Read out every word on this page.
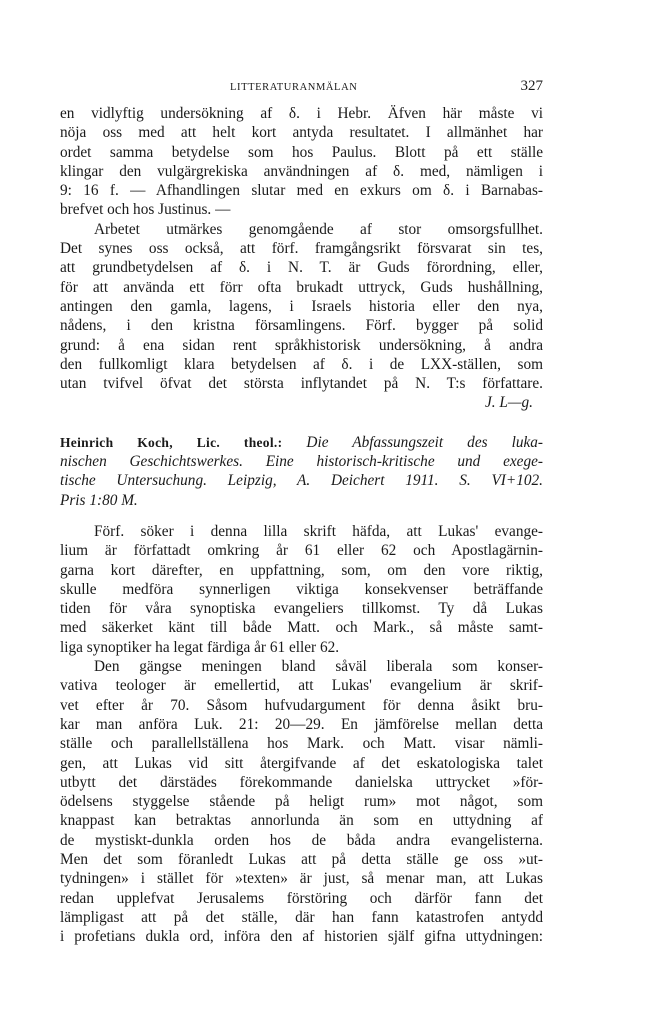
LITTERATURANMÄLAN	327
en vidlyftig undersökning af δ. i Hebr. Äfven här måste vi
nöja oss med att helt kort antyda resultatet. I allmänhet har
ordet samma betydelse som hos Paulus. Blott på ett ställe
klingar den vulgärgrekiska användningen af δ. med, nämligen i
9: 16 f. — Afhandlingen slutar med en exkurs om δ. i Barnabas-
brefvet och hos Justinus. —
Arbetet utmärkes genomgående af stor omsorgsfullhet.
Det synes oss också, att förf. framgångsrikt försvarat sin tes,
att grundbetydelsen af δ. i N. T. är Guds förordning, eller,
för att använda ett förr ofta brukadt uttryck, Guds hushållning,
antingen den gamla, lagens, i Israels historia eller den nya,
nådens, i den kristna församlingens. Förf. bygger på solid
grund: å ena sidan rent språkhistorisk undersökning, å andra
den fullkomligt klara betydelsen af δ. i de LXX-ställen, som
utan tvifvel öfvat det största inflytandet på N. T:s författare.
J. L—g.
Heinrich Koch, Lic. theol.: Die Abfassungszeit des luka-
nischen Geschichtswerkes. Eine historisch-kritische und exege-
tische Untersuchung. Leipzig, A. Deichert 1911. S. VI+102.
Pris 1:80 M.
Förf. söker i denna lilla skrift häfda, att Lukas' evange-
lium är författadt omkring år 61 eller 62 och Apostlagärnin-
garna kort därefter, en uppfattning, som, om den vore riktig,
skulle medföra synnerligen viktiga konsekvenser beträffande
tiden för våra synoptiska evangeliers tillkomst. Ty då Lukas
med säkerket känt till både Matt. och Mark., så måste samt-
liga synoptiker ha legat färdiga år 61 eller 62.
Den gängse meningen bland såväl liberala som konser-
vativa teologer är emellertid, att Lukas' evangelium är skrif-
vet efter år 70. Såsom hufvudargument för denna åsikt bru-
kar man anföra Luk. 21: 20—29. En jämförelse mellan detta
ställe och parallellställena hos Mark. och Matt. visar nämli-
gen, att Lukas vid sitt återgifvande af det eskatologiska talet
utbytt det därstädes förekommande danielska uttrycket »för-
ödelsens styggelse stående på heligt rum» mot något, som
knappast kan betraktas annorlunda än som en uttydning af
de mystiskt-dunkla orden hos de båda andra evangelisterna.
Men det som föranledt Lukas att på detta ställe ge oss »ut-
tydningen» i stället för »texten» är just, så menar man, att Lukas
redan upplefvat Jerusalems förstöring och därför fann det
lämpligast att på det ställe, där han fann katastrofen antydd
i profetians dukla ord, införa den af historien själf gifna uttydningen:
